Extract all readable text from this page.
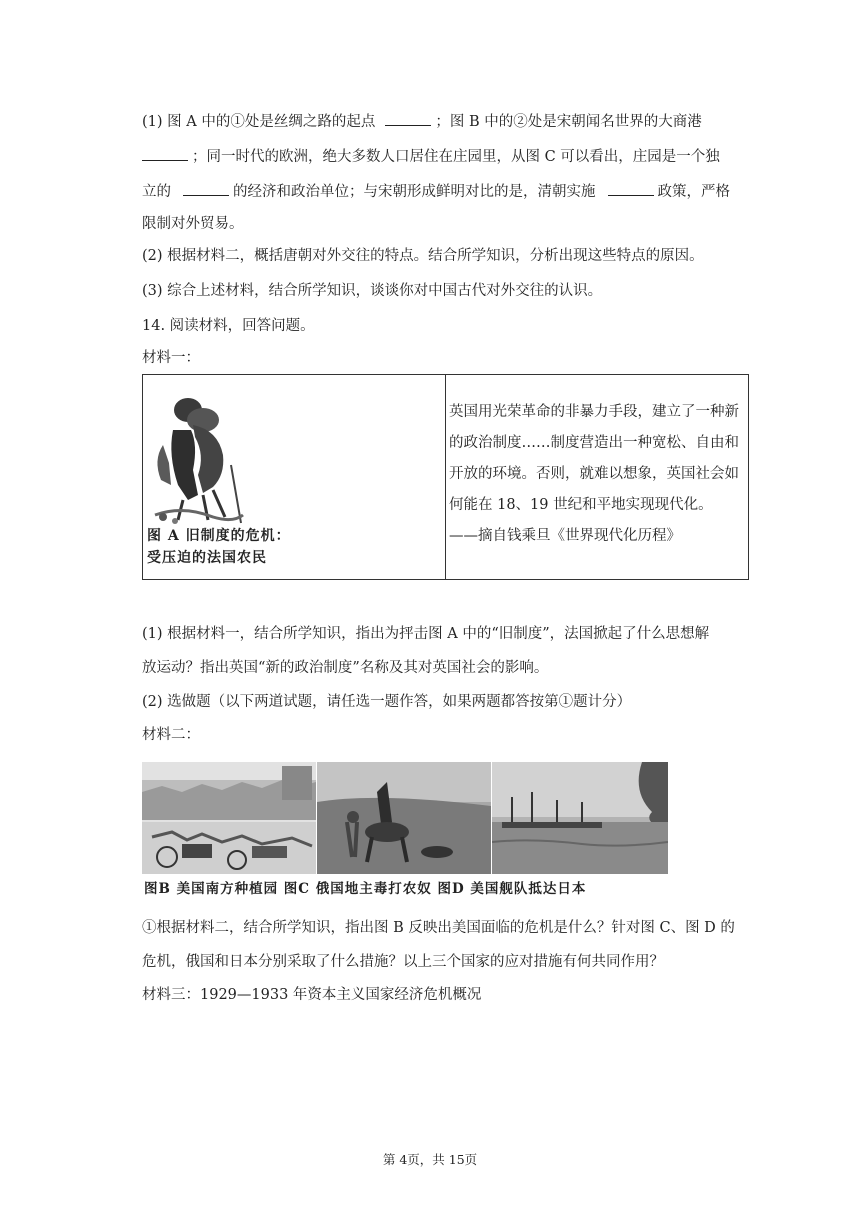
(1) 图 A 中的①处是丝绸之路的起点	；图 B 中的②处是宋朝闻名世界的大商港
；同一时代的欧洲，绝大多数人口居住在庄园里，从图 C 可以看出，庄园是一个独
立的	的经济和政治单位；与宋朝形成鲜明对比的是，清朝实施	政策，严格
限制对外贸易。
(2) 根据材料二，概括唐朝对外交往的特点。结合所学知识，分析出现这些特点的原因。
(3) 综合上述材料，结合所学知识，谈谈你对中国古代对外交往的认识。
14. 阅读材料，回答问题。
材料一：
图 A 旧制度的危机：
受压迫的法国农民

英国用光荣革命的非暴力手段，建立了一种新
的政治制度……制度营造出一种宽松、自由和
开放的环境。否则，就难以想象，英国社会如
何能在 18、19 世纪和平地实现现代化。
——摘自钱乘旦《世界现代化历程》
(1) 根据材料一，结合所学知识，指出为抨击图 A 中的“旧制度”，法国掀起了什么思想解
放运动？指出英国“新的政治制度”名称及其对英国社会的影响。
(2) 选做题（以下两道试题，请任选一题作答，如果两题都答按第①题计分）
材料二：
图B 美国南方种植园 图C 俄国地主毒打农奴 图D 美国舰队抵达日本
①根据材料二，结合所学知识，指出图 B 反映出美国面临的危机是什么？针对图 C、图 D 的
危机，俄国和日本分别采取了什么措施？以上三个国家的应对措施有何共同作用？
材料三：1929—1933 年资本主义国家经济危机概况
第 4页，共 15页
